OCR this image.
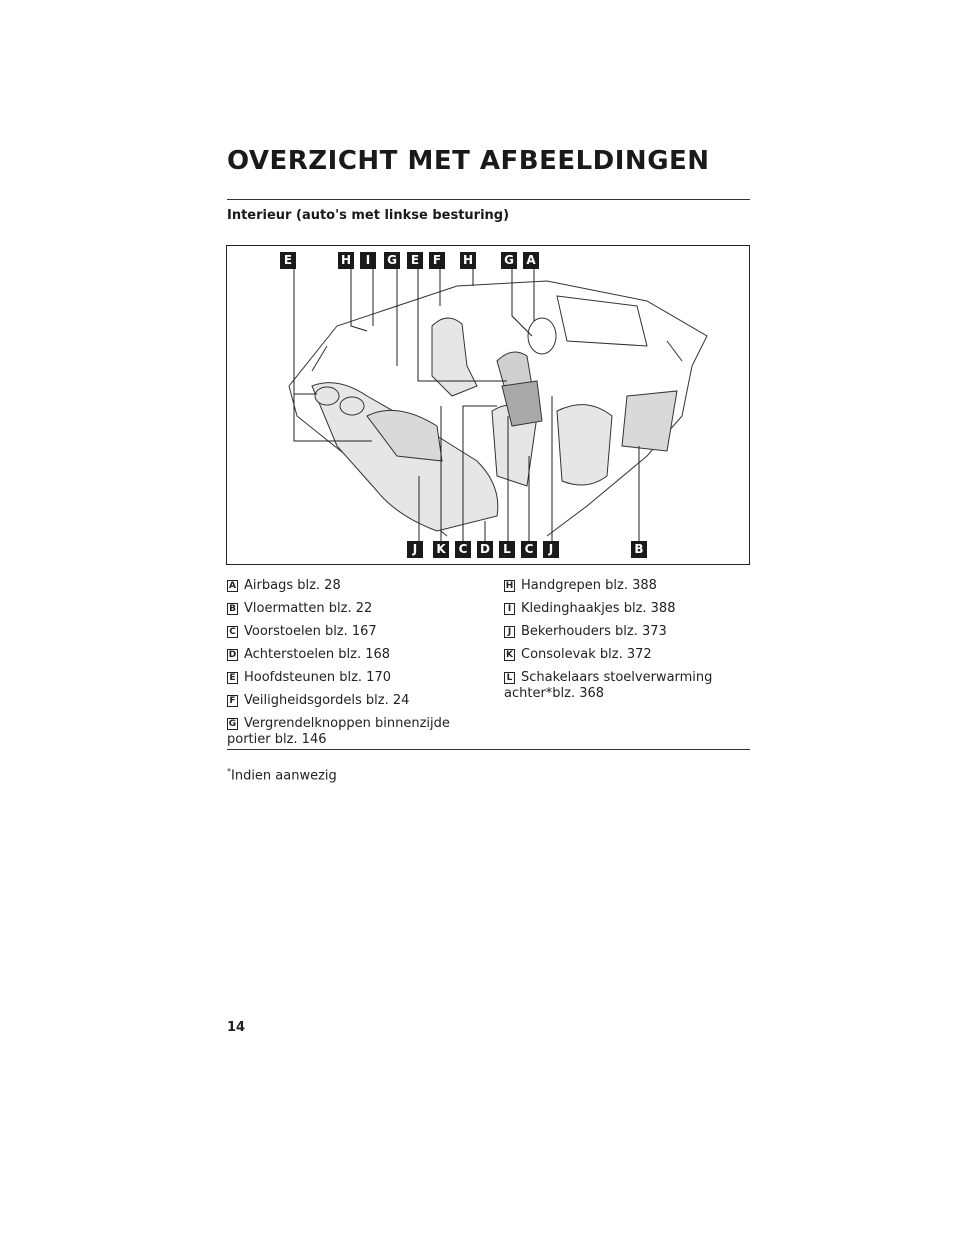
OVERZICHT MET AFBEELDINGEN
Interieur (auto's met linkse besturing)
E	H	I	G	E	F	H	G A
J	K C D	L	C	J	B
A Airbags blz. 28
B Vloermatten blz. 22
C Voorstoelen blz. 167
D Achterstoelen blz. 168
E Hoofdsteunen blz. 170
F Veiligheidsgordels blz. 24
G Vergrendelknoppen binnenzijde
portier blz. 146
H Handgrepen blz. 388
I Kledinghaakjes blz. 388
J Bekerhouders blz. 373
K Consolevak blz. 372
L Schakelaars stoelverwarming
achter*blz. 368
*Indien aanwezig
14
